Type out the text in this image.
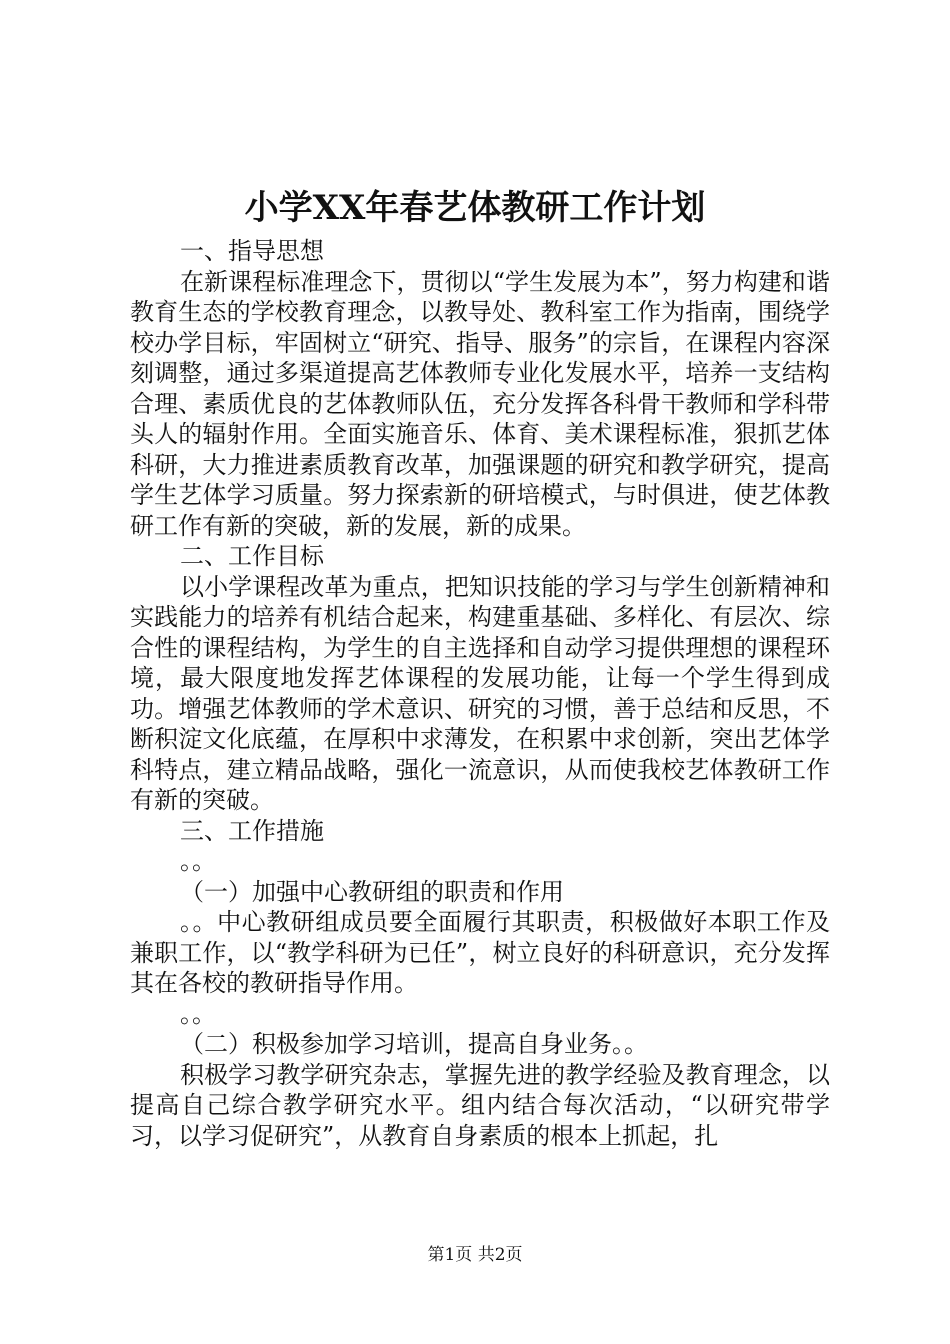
小学XX年春艺体教研工作计划

一、指导思想

在新课程标准理念下，贯彻以“学生发展为本”，努力构建和谐教育生态的学校教育理念，以教导处、教科室工作为指南，围绕学校办学目标，牢固树立“研究、指导、服务”的宗旨，在课程内容深刻调整，通过多渠道提高艺体教师专业化发展水平，培养一支结构合理、素质优良的艺体教师队伍，充分发挥各科骨干教师和学科带头人的辐射作用。全面实施音乐、体育、美术课程标准，狠抓艺体科研，大力推进素质教育改革，加强课题的研究和教学研究，提高学生艺体学习质量。努力探索新的研培模式，与时俱进，使艺体教研工作有新的突破，新的发展，新的成果。

二、工作目标

以小学课程改革为重点，把知识技能的学习与学生创新精神和实践能力的培养有机结合起来，构建重基础、多样化、有层次、综合性的课程结构，为学生的自主选择和自动学习提供理想的课程环境，最大限度地发挥艺体课程的发展功能，让每一个学生得到成功。增强艺体教师的学术意识、研究的习惯，善于总结和反思，不断积淀文化底蕴，在厚积中求薄发，在积累中求创新，突出艺体学科特点，建立精品战略，强化一流意识，从而使我校艺体教研工作有新的突破。

三、工作措施

。。

（一）加强中心教研组的职责和作用

。。中心教研组成员要全面履行其职责，积极做好本职工作及兼职工作，以“教学科研为已任”，树立良好的科研意识，充分发挥其在各校的教研指导作用。

。。

（二）积极参加学习培训，提高自身业务。。

积极学习教学研究杂志，掌握先进的教学经验及教育理念，以提高自己综合教学研究水平。组内结合每次活动，“以研究带学习，以学习促研究”，从教育自身素质的根本上抓起，扎

第1页 共2页
